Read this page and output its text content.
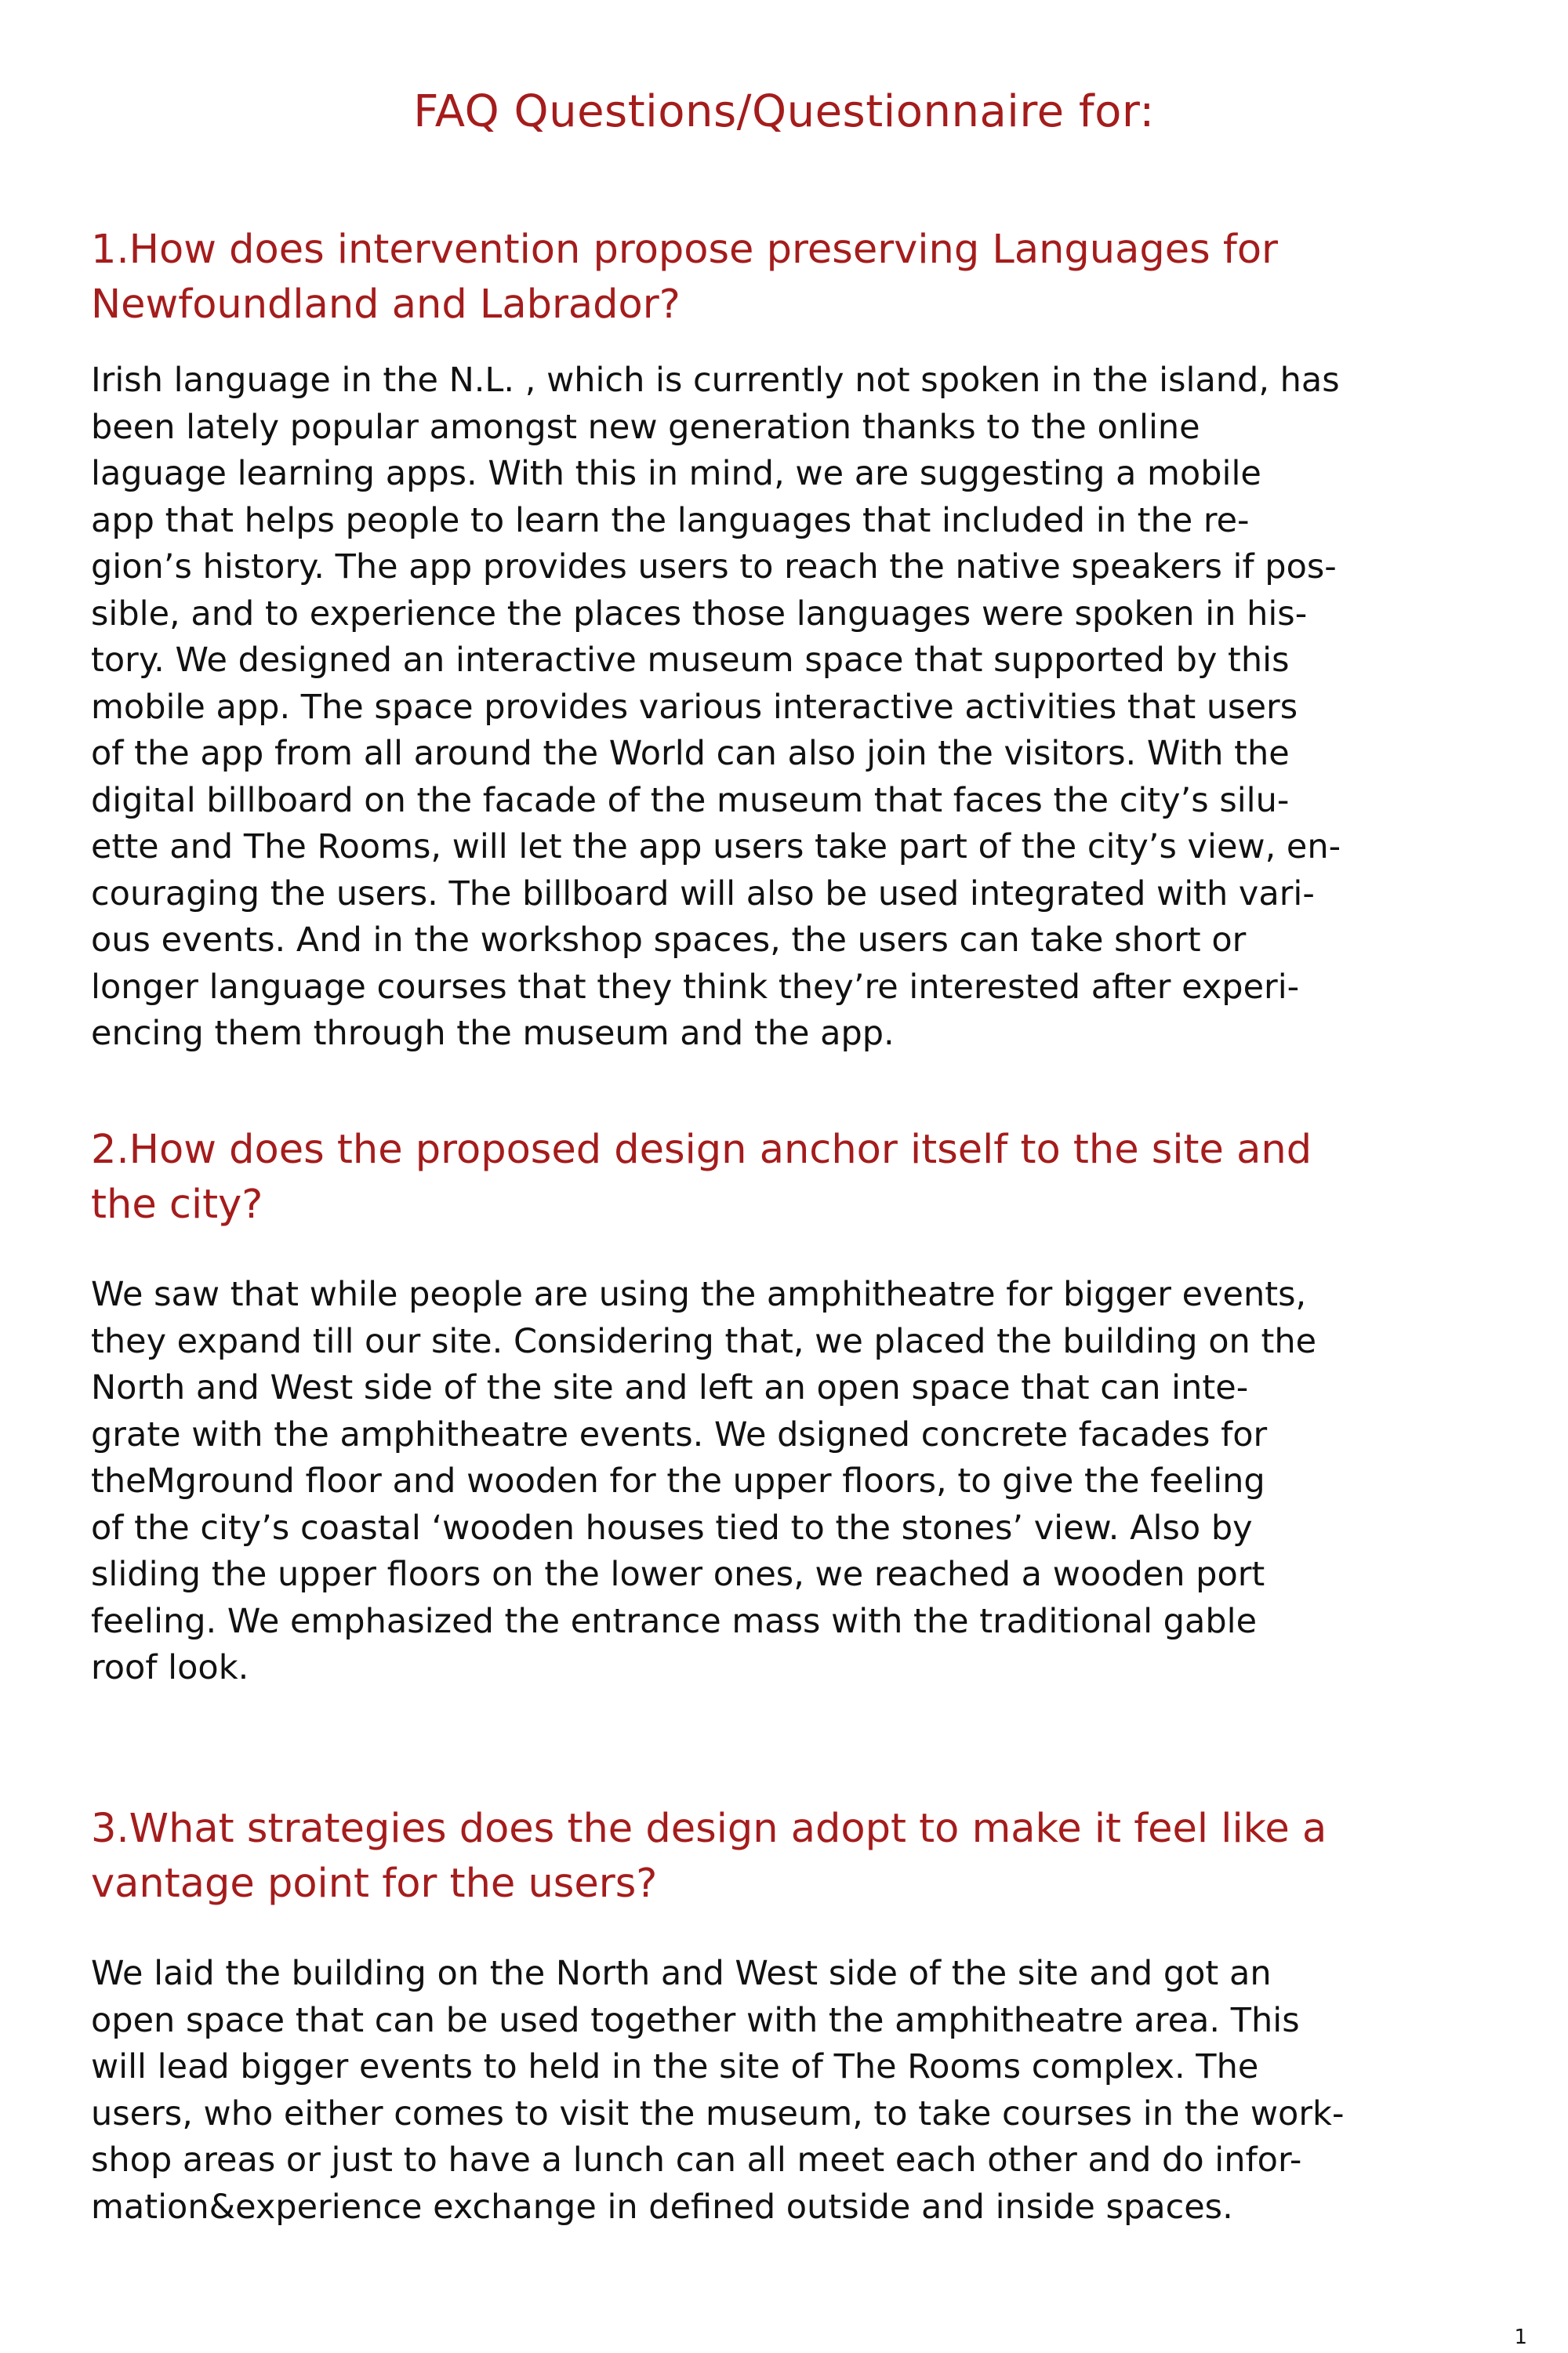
FAQ Questions/Questionnaire for:
1.How does intervention propose preserving Languages for
Newfoundland and Labrador?

Irish language in the N.L. , which is currently not spoken in the island, has
been lately popular amongst new generation thanks to the online
laguage learning apps. With this in mind, we are suggesting a mobile
app that helps people to learn the languages that included in the re-
gion’s history. The app provides users to reach the native speakers if pos-
sible, and to experience the places those languages were spoken in his-
tory. We designed an interactive museum space that supported by this
mobile app. The space provides various interactive activities that users
of the app from all around the World can also join the visitors. With the
digital billboard on the facade of the museum that faces the city’s silu-
ette and The Rooms, will let the app users take part of the city’s view, en-
couraging the users. The billboard will also be used integrated with vari-
ous events. And in the workshop spaces, the users can take short or
longer language courses that they think they’re interested after experi-
encing them through the museum and the app.

2.How does the proposed design anchor itself to the site and
the city?

We saw that while people are using the amphitheatre for bigger events,
they expand till our site. Considering that, we placed the building on the
North and West side of the site and left an open space that can inte-
grate with the amphitheatre events. We dsigned concrete facades for
theMground floor and wooden for the upper floors, to give the feeling
of the city’s coastal ‘wooden houses tied to the stones’ view. Also by
sliding the upper floors on the lower ones, we reached a wooden port
feeling. We emphasized the entrance mass with the traditional gable
roof look.

3.What strategies does the design adopt to make it feel like a
vantage point for the users?

We laid the building on the North and West side of the site and got an
open space that can be used together with the amphitheatre area. This
will lead bigger events to held in the site of The Rooms complex. The
users, who either comes to visit the museum, to take courses in the work-
shop areas or just to have a lunch can all meet each other and do infor-
mation&experience exchange in defined outside and inside spaces.

1
